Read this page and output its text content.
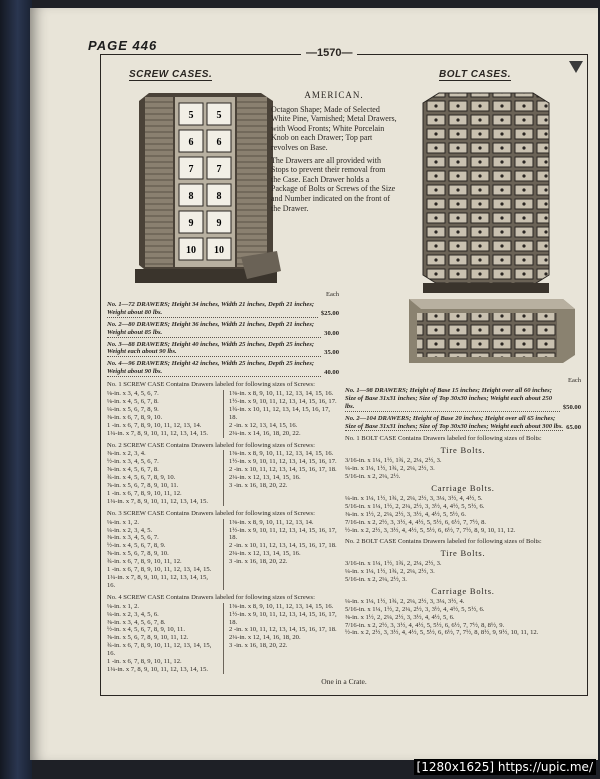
PAGE 446	—1570—
SCREW CASES.	BOLT CASES.
5
6
7
8
9
10
5
6
7
8
9
10
AMERICAN.

Octagon Shape; Made of Selected White Pine, Varnished; Metal Drawers, with Wood Fronts; White Porcelain Knob on each Drawer; Top part revolves on Base.

The Drawers are all provided with Stops to prevent their removal from the Case. Each Drawer holds a Package of Bolts or Screws of the Size and Number indicated on the front of the Drawer.

Each

No. 1—72 DRAWERS; Height 34 inches, Width 21 inches, Depth 21 inches; Weight about 80 lbs.	$25.00
No. 2—80 DRAWERS; Height 36 inches, Width 21 inches, Depth 21 inches; Weight about 85 lbs.	30.00
No. 3—88 DRAWERS; Height 40 inches, Width 25 inches, Depth 25 inches; Weight each about 90 lbs.	35.00
No. 4—96 DRAWERS; Height 42 inches, Width 25 inches, Depth 25 inches; Weight about 90 lbs.	40.00

No. 1 SCREW CASE Contains Drawers labeled for following sizes of Screws:

⅛-in. x 3, 4, 5, 6, 7.
⅛-in. x 4, 5, 6, 7, 8.
¼-in. x 5, 6, 7, 8, 9.
⅜-in. x 6, 7, 8, 9, 10.
1 -in. x 6, 7, 8, 9, 10, 11, 12, 13, 14.
1¼-in. x 7, 8, 9, 10, 11, 12, 13, 14, 15.
1⅜-in. x 8, 9, 10, 11, 12, 13, 14, 15, 16.
1½-in. x 9, 10, 11, 12, 13, 14, 15, 16, 17.
1¾-in. x 10, 11, 12, 13, 14, 15, 16, 17, 18.
2 -in. x 12, 13, 14, 15, 16.
2¼-in. x 14, 16, 18, 20, 22.

No. 2 SCREW CASE Contains Drawers labeled for following sizes of Screws:

⅜-in. x 2, 3, 4.
½-in. x 3, 4, 5, 6, 7.
⅝-in. x 4, 5, 6, 7, 8.
¾-in. x 4, 5, 6, 7, 8, 9, 10.
⅞-in. x 5, 6, 7, 8, 9, 10, 11.
1 -in. x 6, 7, 8, 9, 10, 11, 12.
1¼-in. x 7, 8, 9, 10, 11, 12, 13, 14, 15.
1⅜-in. x 8, 9, 10, 11, 12, 13, 14, 15, 16.
1½-in. x 9, 10, 11, 12, 13, 14, 15, 16, 17.
2 -in. x 10, 11, 12, 13, 14, 15, 16, 17, 18.
2¼-in. x 12, 13, 14, 15, 16.
3 -in. x 16, 18, 20, 22.

No. 3 SCREW CASE Contains Drawers labeled for following sizes of Screws:

⅛-in. x 1, 2.
¼-in. x 2, 3, 4, 5.
⅜-in. x 3, 4, 5, 6, 7.
½-in. x 4, 5, 6, 7, 8, 9.
⅝-in. x 5, 6, 7, 8, 9, 10.
¾-in. x 6, 7, 8, 9, 10, 11, 12.
1 -in. x 6, 7, 8, 9, 10, 11, 12, 13, 14, 15.
1¼-in. x 7, 8, 9, 10, 11, 12, 13, 14, 15, 16.
1⅜-in. x 8, 9, 10, 11, 12, 13, 14.
1½-in. x 9, 10, 11, 12, 13, 14, 15, 16, 17, 18.
2 -in. x 10, 11, 12, 13, 14, 15, 16, 17, 18.
2¼-in. x 12, 13, 14, 15, 16.
3 -in. x 16, 18, 20, 22.

No. 4 SCREW CASE Contains Drawers labeled for following sizes of Screws:

⅛-in. x 1, 2.
¼-in. x 2, 3, 4, 5, 6.
⅜-in. x 3, 4, 5, 6, 7, 8.
½-in. x 4, 5, 6, 7, 8, 9, 10, 11.
⅝-in. x 5, 6, 7, 8, 9, 10, 11, 12.
¾-in. x 6, 7, 8, 9, 10, 11, 12, 13, 14, 15, 16.
1 -in. x 6, 7, 8, 9, 10, 11, 12.
1¼-in. x 7, 8, 9, 10, 11, 12, 13, 14, 15.
1⅜-in. x 8, 9, 10, 11, 12, 13, 14, 15, 16.
1½-in. x 9, 10, 11, 12, 13, 14, 15, 16, 17, 18.
2 -in. x 10, 11, 12, 13, 14, 15, 16, 17, 18.
2¼-in. x 12, 14, 16, 18, 20.
3 -in. x 16, 18, 20, 22.

Each

No. 1—98 DRAWERS; Height of Base 15 inches; Height over all 60 inches; Size of Base 31x31 inches; Size of Top 30x30 inches; Weight each about 250 lbs.	$50.00
No. 2—104 DRAWERS; Height of Base 20 inches; Height over all 65 inches; Size of Base 31x31 inches; Size of Top 30x30 inches; Weight each about 300 lbs. 65.00

No. 1 BOLT CASE Contains Drawers labeled for following sizes of Bolts:

Tire Bolts.

3/16-in. x 1¼, 1½, 1¾, 2, 2¼, 2½, 3.

¼-in. x 1¼, 1½, 1¾, 2, 2¼, 2½, 3.

5/16-in. x 2, 2¼, 2½.

Carriage Bolts.

¼-in. x 1¼, 1½, 1¾, 2, 2¼, 2½, 3, 3¼, 3½, 4, 4½, 5.

5/16-in. x 1¼, 1½, 2, 2¼, 2½, 3, 3½, 4, 4½, 5, 5½, 6.

⅜-in. x 1½, 2, 2¼, 2½, 3, 3½, 4, 4½, 5, 5½, 6.

7/16-in. x 2, 2½, 3, 3½, 4, 4½, 5, 5½, 6, 6½, 7, 7½, 8.

½-in. x 2, 2½, 3, 3½, 4, 4½, 5, 5½, 6, 6½, 7, 7½, 8, 9, 10, 11, 12.

No. 2 BOLT CASE Contains Drawers labeled for following sizes of Bolts:

Tire Bolts.

3/16-in. x 1¼, 1½, 1¾, 2, 2¼, 2½, 3.

¼-in. x 1¼, 1½, 1¾, 2, 2¼, 2½, 3.

5/16-in. x 2, 2¼, 2½, 3.

Carriage Bolts.

¼-in. x 1¼, 1½, 1¾, 2, 2¼, 2½, 3, 3¼, 3½, 4.

5/16-in. x 1¼, 1½, 2, 2¼, 2½, 3, 3½, 4, 4½, 5, 5½, 6.

⅜-in. x 1½, 2, 2¼, 2½, 3, 3½, 4, 4½, 5, 6.

7/16-in. x 2, 2½, 3, 3½, 4, 4½, 5, 5½, 6, 6½, 7, 7½, 8, 8½, 9.

½-in. x 2, 2½, 3, 3½, 4, 4½, 5, 5½, 6, 6½, 7, 7½, 8, 8½, 9, 9½, 10, 11, 12.

One in a Crate.
[1280x1625] https://upic.me/
